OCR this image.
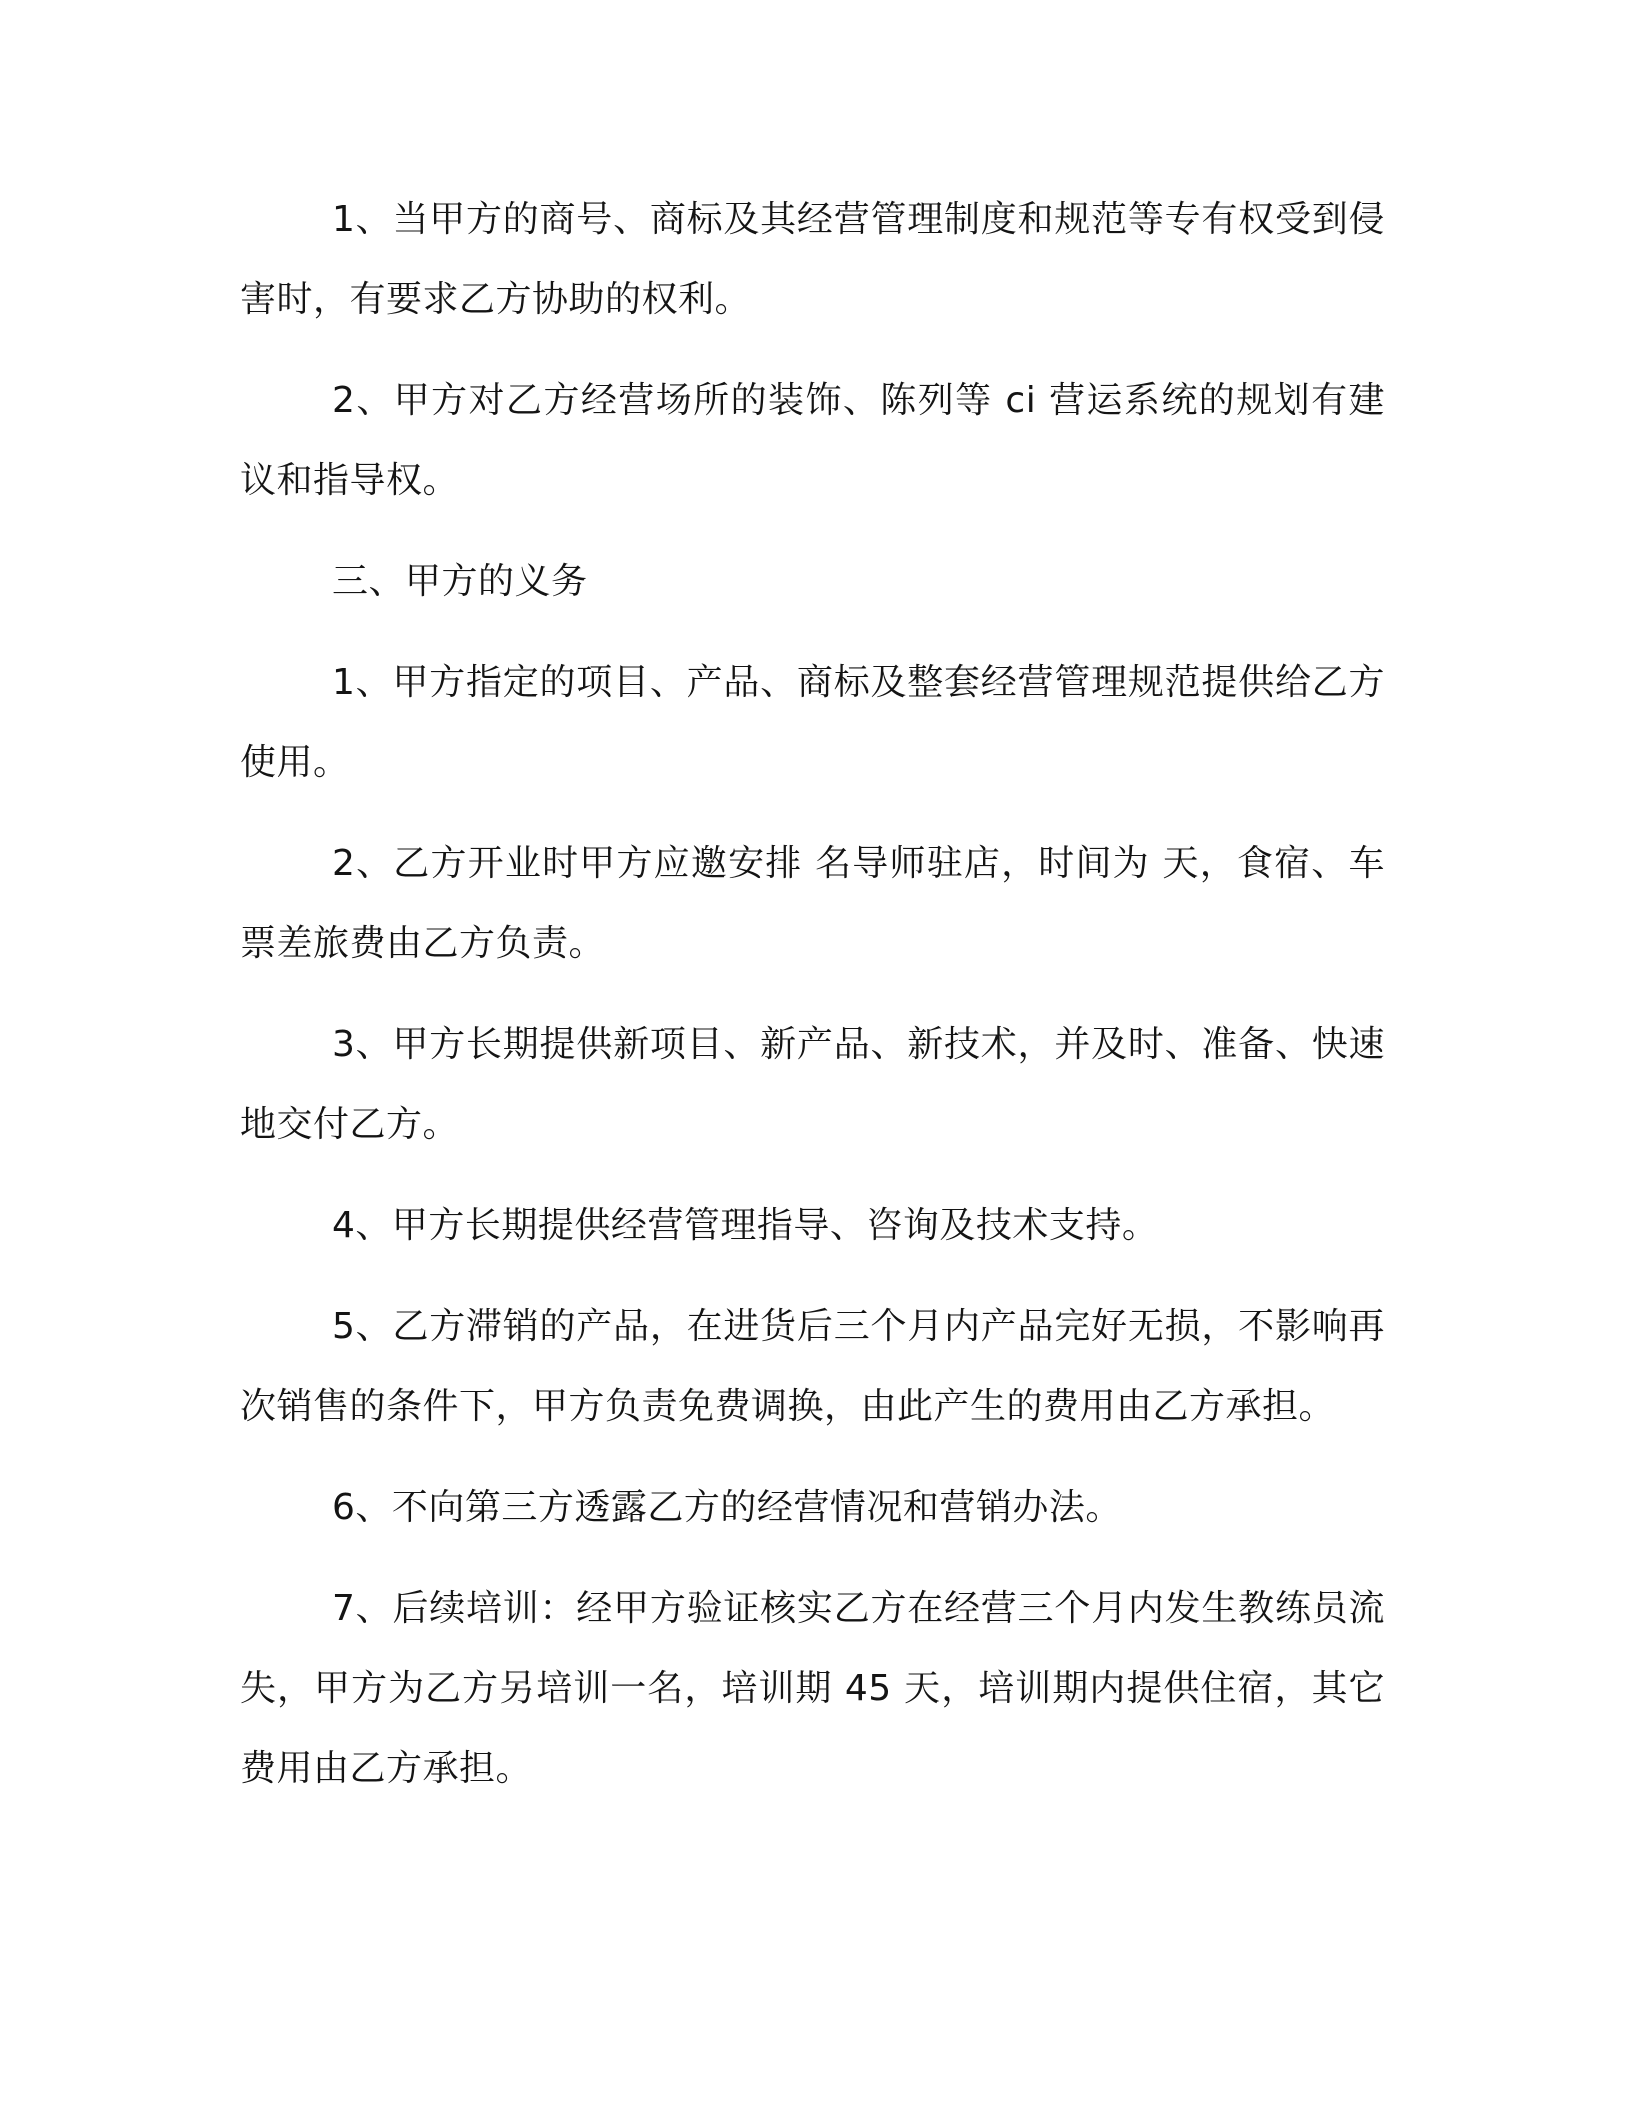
1、当甲方的商号、商标及其经营管理制度和规范等专有权受到侵害时，有要求乙方协助的权利。

2、甲方对乙方经营场所的装饰、陈列等 ci 营运系统的规划有建议和指导权。

三、甲方的义务

1、甲方指定的项目、产品、商标及整套经营管理规范提供给乙方使用。

2、乙方开业时甲方应邀安排 名导师驻店，时间为 天，食宿、车票差旅费由乙方负责。

3、甲方长期提供新项目、新产品、新技术，并及时、准备、快速地交付乙方。

4、甲方长期提供经营管理指导、咨询及技术支持。

5、乙方滞销的产品，在进货后三个月内产品完好无损，不影响再次销售的条件下，甲方负责免费调换，由此产生的费用由乙方承担。

6、不向第三方透露乙方的经营情况和营销办法。

7、后续培训：经甲方验证核实乙方在经营三个月内发生教练员流失，甲方为乙方另培训一名，培训期 45 天，培训期内提供住宿，其它费用由乙方承担。
